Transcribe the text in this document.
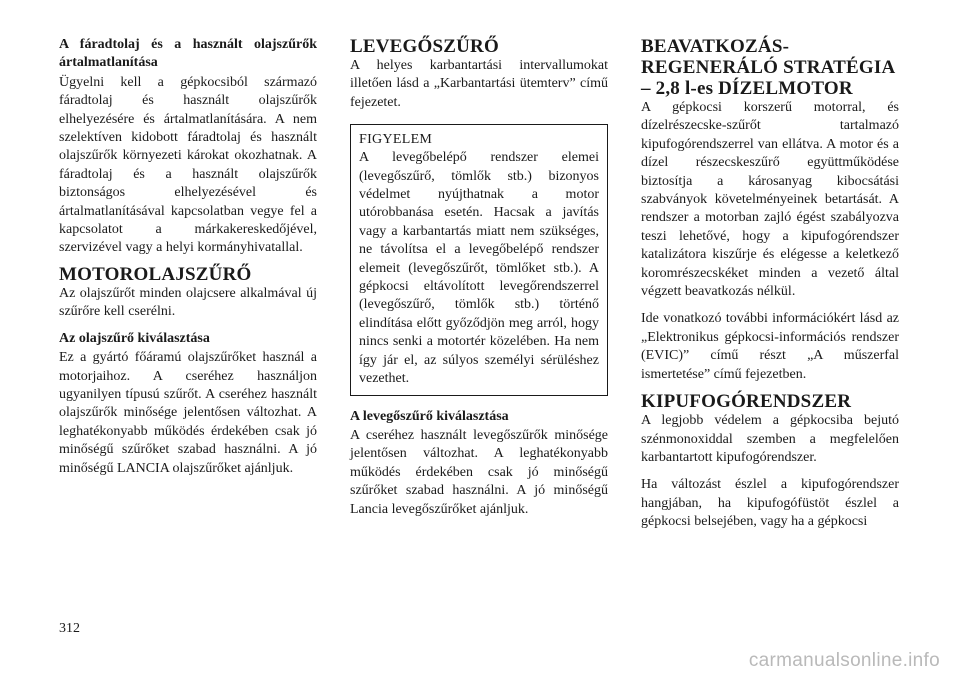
A fáradtolaj és a használt olajszűrők ártalmatlanítása

Ügyelni kell a gépkocsiból származó fáradtolaj és használt olajszűrők elhelyezésére és ártalmatlanítására. A nem szelektíven kidobott fáradtolaj és használt olajszűrők környezeti károkat okozhatnak. A fáradtolaj és a használt olajszűrők biztonságos elhelyezésével és ártalmatlanításával kapcsolatban vegye fel a kapcsolatot a márkakereskedőjével, szervizével vagy a helyi kormányhivatallal.

MOTOROLAJSZŰRŐ

Az olajszűrőt minden olajcsere alkalmával új szűrőre kell cserélni.

Az olajszűrő kiválasztása

Ez a gyártó főáramú olajszűrőket használ a motorjaihoz. A cseréhez használjon ugyanilyen típusú szűrőt. A cseréhez használt olajszűrők minősége jelentősen változhat. A leghatékonyabb működés érdekében csak jó minőségű szűrőket szabad használni. A jó minőségű LANCIA olajszűrőket ajánljuk.

LEVEGŐSZŰRŐ

A helyes karbantartási intervallumokat illetően lásd a „Karbantartási ütemterv” című fejezetet.

FIGYELEM

A levegőbelépő rendszer elemei (levegőszűrő, tömlők stb.) bizonyos védelmet nyújthatnak a motor utórobbanása esetén. Hacsak a javítás vagy a karbantartás miatt nem szükséges, ne távolítsa el a levegőbelépő rendszer elemeit (levegőszűrőt, tömlőket stb.). A gépkocsi eltávolított levegőrendszerrel (levegőszűrő, tömlők stb.) történő elindítása előtt győződjön meg arról, hogy nincs senki a motortér közelében. Ha nem így jár el, az súlyos személyi sérüléshez vezethet.

A levegőszűrő kiválasztása

A cseréhez használt levegőszűrők minősége jelentősen változhat. A leghatékonyabb működés érdekében csak jó minőségű szűrőket szabad használni. A jó minőségű Lancia levegőszűrőket ajánljuk.

BEAVATKOZÁS-REGENERÁLÓ STRATÉGIA – 2,8 l-es DÍZELMOTOR

A gépkocsi korszerű motorral, és dízelrészecske-szűrőt tartalmazó kipufogórendszerrel van ellátva. A motor és a dízel részecskeszűrő együttműködése biztosítja a károsanyag kibocsátási szabványok követelményeinek betartását. A rendszer a motorban zajló égést szabályozva teszi lehetővé, hogy a kipufogórendszer katalizátora kiszűrje és elégesse a keletkező koromrészecskéket minden a vezető által végzett beavatkozás nélkül.

Ide vonatkozó további információkért lásd az „Elektronikus gépkocsi-információs rendszer (EVIC)” című részt „A műszerfal ismertetése” című fejezetben.

KIPUFOGÓRENDSZER

A legjobb védelem a gépkocsiba bejutó szénmonoxiddal szemben a megfelelően karbantartott kipufogórendszer.

Ha változást észlel a kipufogórendszer hangjában, ha kipufogófüstöt észlel a gépkocsi belsejében, vagy ha a gépkocsi

312
carmanualsonline.info
